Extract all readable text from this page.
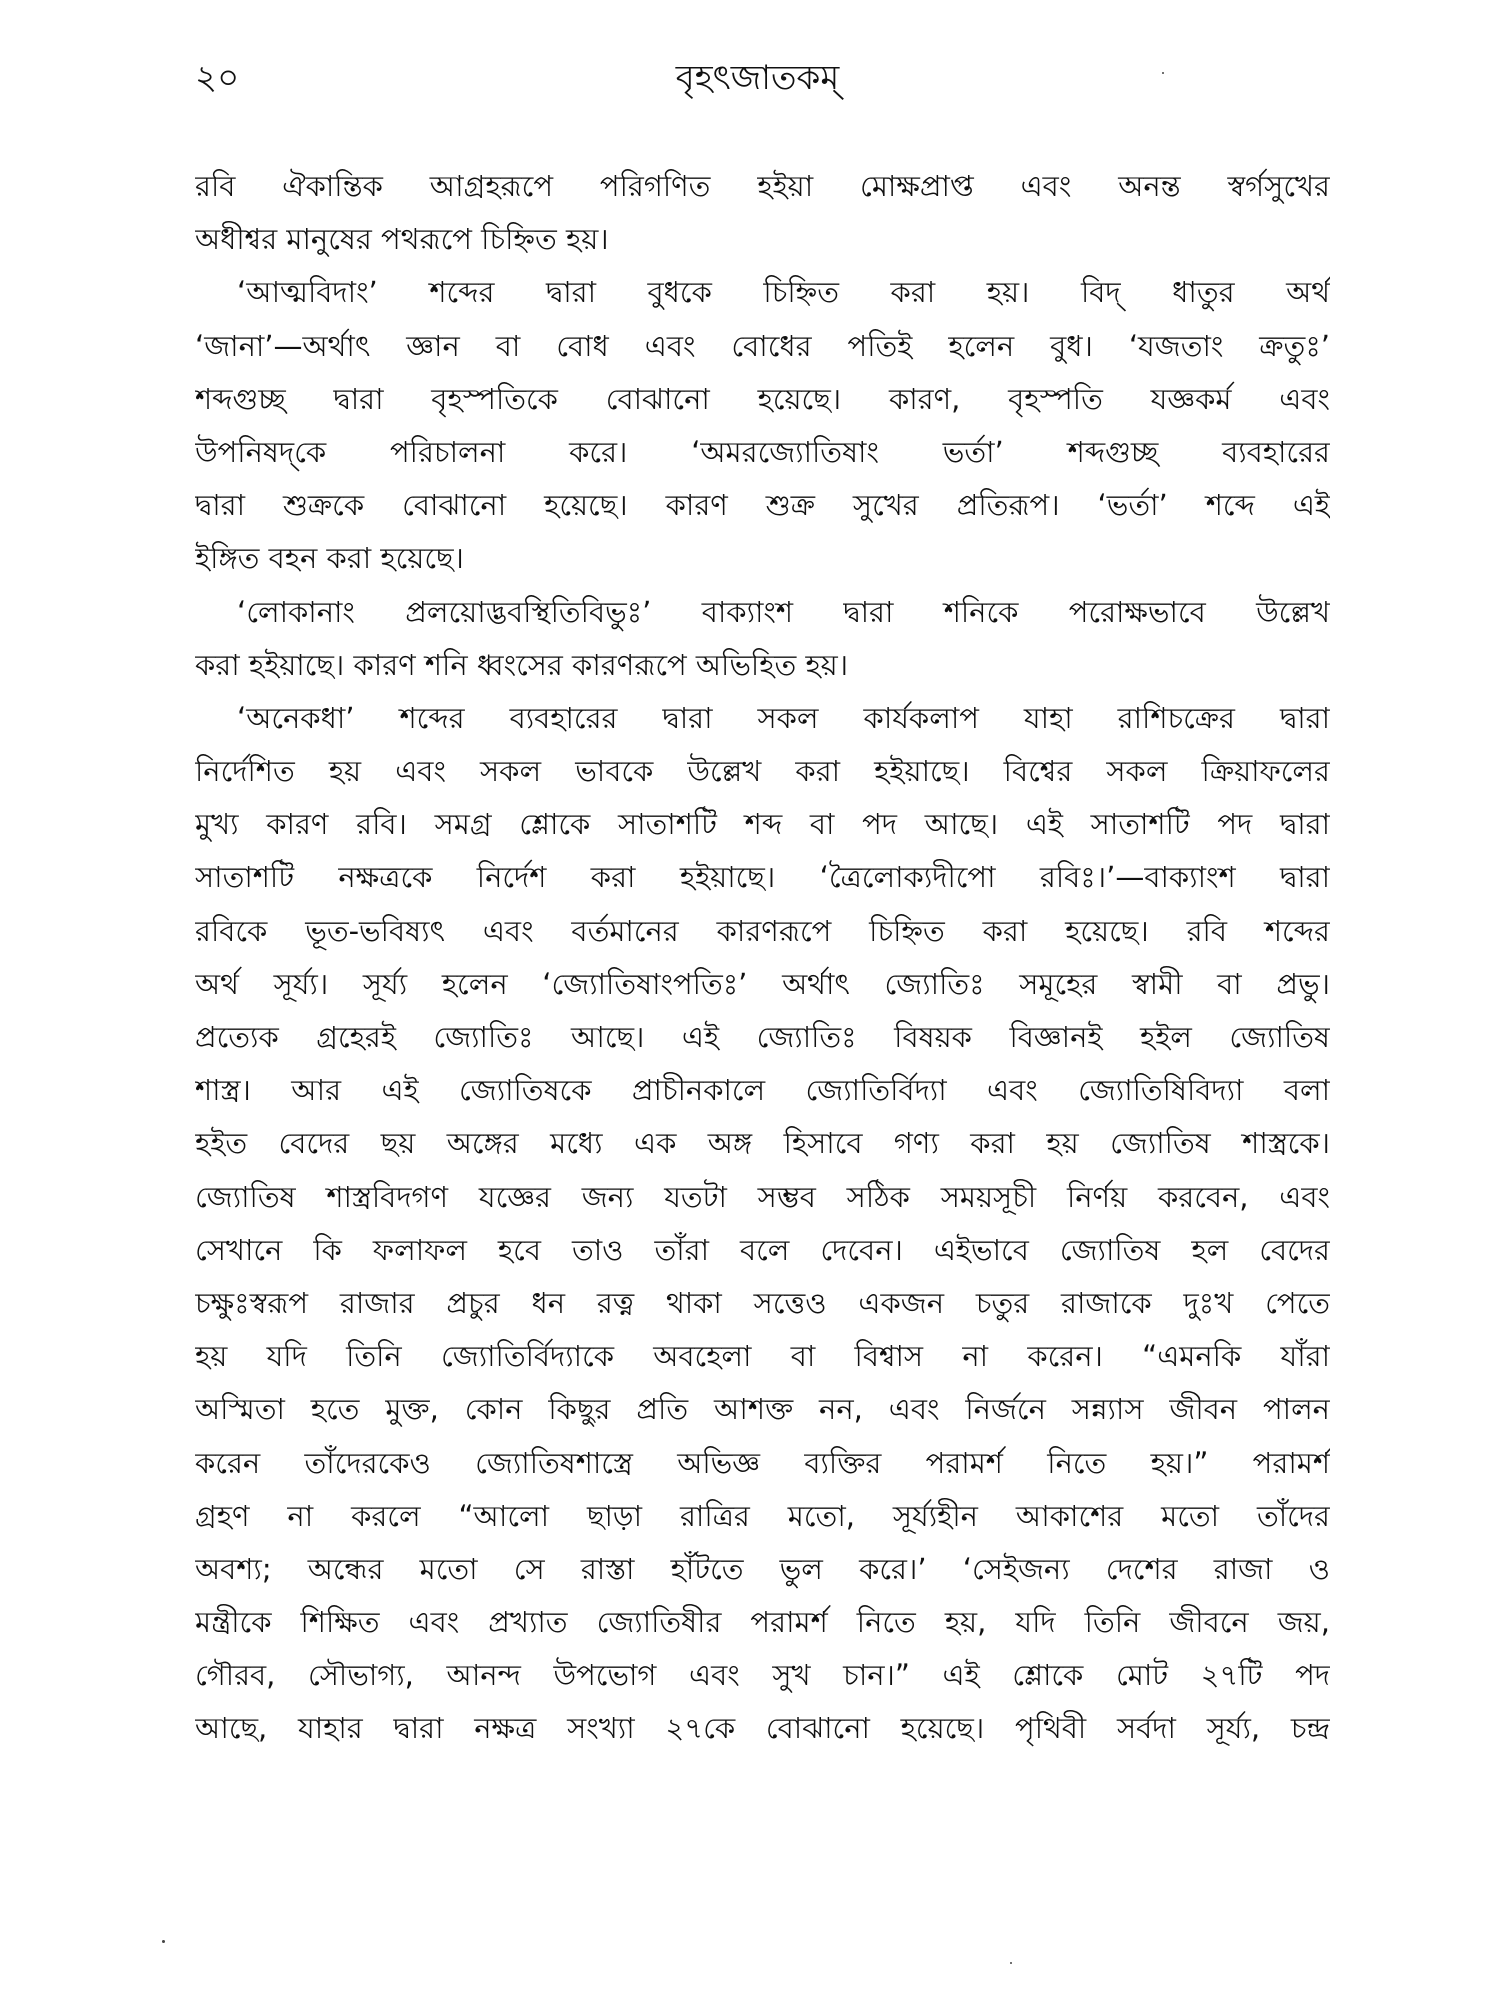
২০	বৃহৎজাতকম্
রবি ঐকান্তিক আগ্রহরূপে পরিগণিত হইয়া মোক্ষপ্রাপ্ত এবং অনন্ত স্বর্গসুখের
অধীশ্বর মানুষের পথরূপে চিহ্নিত হয়।
‘আত্মবিদাং’ শব্দের দ্বারা বুধকে চিহ্নিত করা হয়। বিদ্ ধাতুর অর্থ
‘জানা’—অর্থাৎ জ্ঞান বা বোধ এবং বোধের পতিই হলেন বুধ। ‘যজতাং ক্রতুঃ’
শব্দগুচ্ছ দ্বারা বৃহস্পতিকে বোঝানো হয়েছে। কারণ, বৃহস্পতি যজ্ঞকর্ম এবং
উপনিষদ্‌কে পরিচালনা করে। ‘অমরজ্যোতিষাং ভর্তা’ শব্দগুচ্ছ ব্যবহারের
দ্বারা শুক্রকে বোঝানো হয়েছে। কারণ শুক্র সুখের প্রতিরূপ। ‘ভর্তা’ শব্দে এই
ইঙ্গিত বহন করা হয়েছে।
‘লোকানাং প্রলয়োদ্ভবস্থিতিবিভুঃ’ বাক্যাংশ দ্বারা শনিকে পরোক্ষভাবে উল্লেখ
করা হইয়াছে। কারণ শনি ধ্বংসের কারণরূপে অভিহিত হয়।
‘অনেকধা’ শব্দের ব্যবহারের দ্বারা সকল কার্যকলাপ যাহা রাশিচক্রের দ্বারা
নির্দেশিত হয় এবং সকল ভাবকে উল্লেখ করা হইয়াছে। বিশ্বের সকল ক্রিয়াফলের
মুখ্য কারণ রবি। সমগ্র শ্লোকে সাতাশটি শব্দ বা পদ আছে। এই সাতাশটি পদ দ্বারা
সাতাশটি নক্ষত্রকে নির্দেশ করা হইয়াছে। ‘ত্রৈলোক্যদীপো রবিঃ।’—বাক্যাংশ দ্বারা
রবিকে ভূত-ভবিষ্যৎ এবং বর্তমানের কারণরূপে চিহ্নিত করা হয়েছে। রবি শব্দের
অর্থ সূর্য্য। সূর্য্য হলেন ‘জ্যোতিষাংপতিঃ’ অর্থাৎ জ্যোতিঃ সমূহের স্বামী বা প্রভু।
প্রত্যেক গ্রহেরই জ্যোতিঃ আছে। এই জ্যোতিঃ বিষয়ক বিজ্ঞানই হইল জ্যোতিষ
শাস্ত্র। আর এই জ্যোতিষকে প্রাচীনকালে জ্যোতির্বিদ্যা এবং জ্যোতিষিবিদ্যা বলা
হইত বেদের ছয় অঙ্গের মধ্যে এক অঙ্গ হিসাবে গণ্য করা হয় জ্যোতিষ শাস্ত্রকে।
জ্যোতিষ শাস্ত্রবিদগণ যজ্ঞের জন্য যতটা সম্ভব সঠিক সময়সূচী নির্ণয় করবেন, এবং
সেখানে কি ফলাফল হবে তাও তাঁরা বলে দেবেন। এইভাবে জ্যোতিষ হল বেদের
চক্ষুঃস্বরূপ রাজার প্রচুর ধন রত্ন থাকা সত্তেও একজন চতুর রাজাকে দুঃখ পেতে
হয় যদি তিনি জ্যোতির্বিদ্যাকে অবহেলা বা বিশ্বাস না করেন। “এমনকি যাঁরা
অস্মিতা হতে মুক্ত, কোন কিছুর প্রতি আশক্ত নন, এবং নির্জনে সন্ন্যাস জীবন পালন
করেন তাঁদেরকেও জ্যোতিষশাস্ত্রে অভিজ্ঞ ব্যক্তির পরামর্শ নিতে হয়।” পরামর্শ
গ্রহণ না করলে “আলো ছাড়া রাত্রির মতো, সূর্য্যহীন আকাশের মতো তাঁদের
অবশ্য; অন্ধের মতো সে রাস্তা হাঁটতে ভুল করে।’ ‘সেইজন্য দেশের রাজা ও
মন্ত্রীকে শিক্ষিত এবং প্রখ্যাত জ্যোতিষীর পরামর্শ নিতে হয়, যদি তিনি জীবনে জয়,
গৌরব, সৌভাগ্য, আনন্দ উপভোগ এবং সুখ চান।” এই শ্লোকে মোট ২৭টি পদ
আছে, যাহার দ্বারা নক্ষত্র সংখ্যা ২৭কে বোঝানো হয়েছে। পৃথিবী সর্বদা সূর্য্য, চন্দ্র
